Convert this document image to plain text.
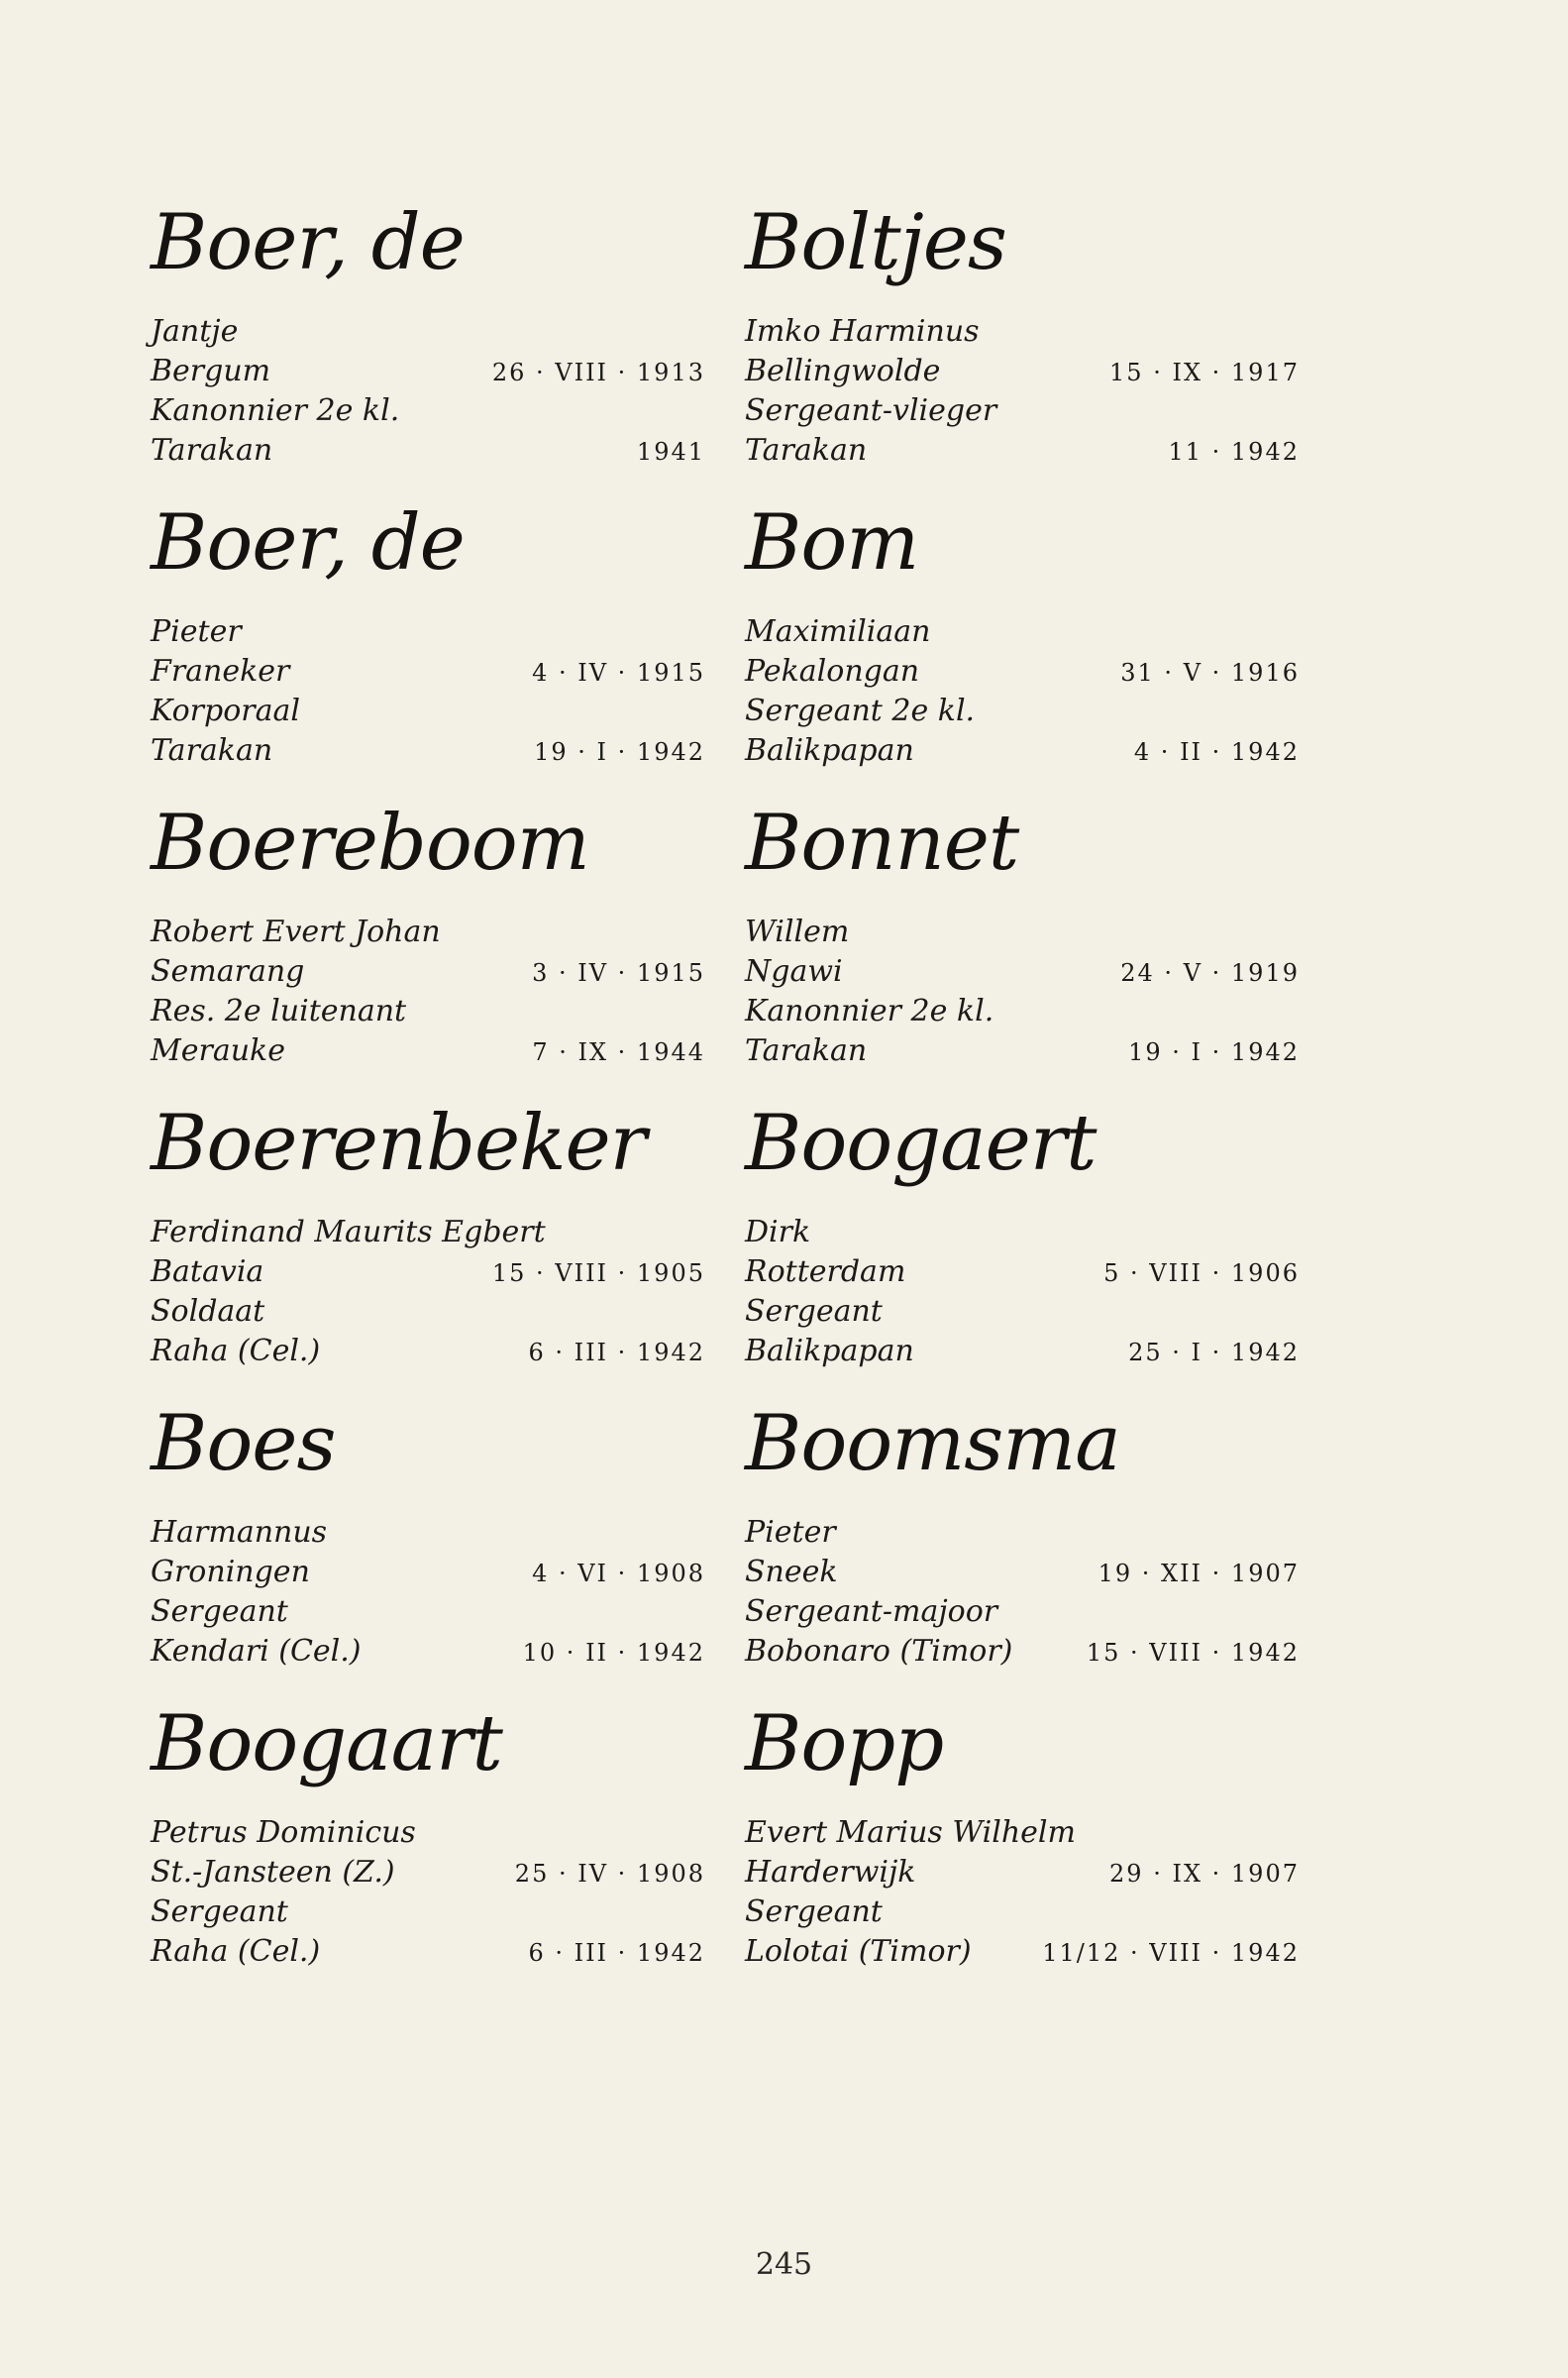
Boer, de
Jantje
Bergum	26 · VIII · 1913
Kanonnier 2e kl.
Tarakan	1941
Boer, de
Pieter
Franeker	4 · IV · 1915
Korporaal
Tarakan	19 · I · 1942
Boereboom
Robert Evert Johan
Semarang	3 · IV · 1915
Res. 2e luitenant
Merauke	7 · IX · 1944
Boerenbeker
Ferdinand Maurits Egbert
Batavia	15 · VIII · 1905
Soldaat
Raha (Cel.)	6 · III · 1942
Boes
Harmannus
Groningen	4 · VI · 1908
Sergeant
Kendari (Cel.)	10 · II · 1942
Boogaart
Petrus Dominicus
St.-Jansteen (Z.)	25 · IV · 1908
Sergeant
Raha (Cel.)	6 · III · 1942
Boltjes
Imko Harminus
Bellingwolde	15 · IX · 1917
Sergeant-vlieger
Tarakan	11 · 1942
Bom
Maximiliaan
Pekalongan	31 · V · 1916
Sergeant 2e kl.
Balikpapan	4 · II · 1942
Bonnet
Willem
Ngawi	24 · V · 1919
Kanonnier 2e kl.
Tarakan	19 · I · 1942
Boogaert
Dirk
Rotterdam	5 · VIII · 1906
Sergeant
Balikpapan	25 · I · 1942
Boomsma
Pieter
Sneek	19 · XII · 1907
Sergeant-majoor
Bobonaro (Timor)	15 · VIII · 1942
Bopp
Evert Marius Wilhelm
Harderwijk	29 · IX · 1907
Sergeant
Lolotai (Timor)	11/12 · VIII · 1942
245
